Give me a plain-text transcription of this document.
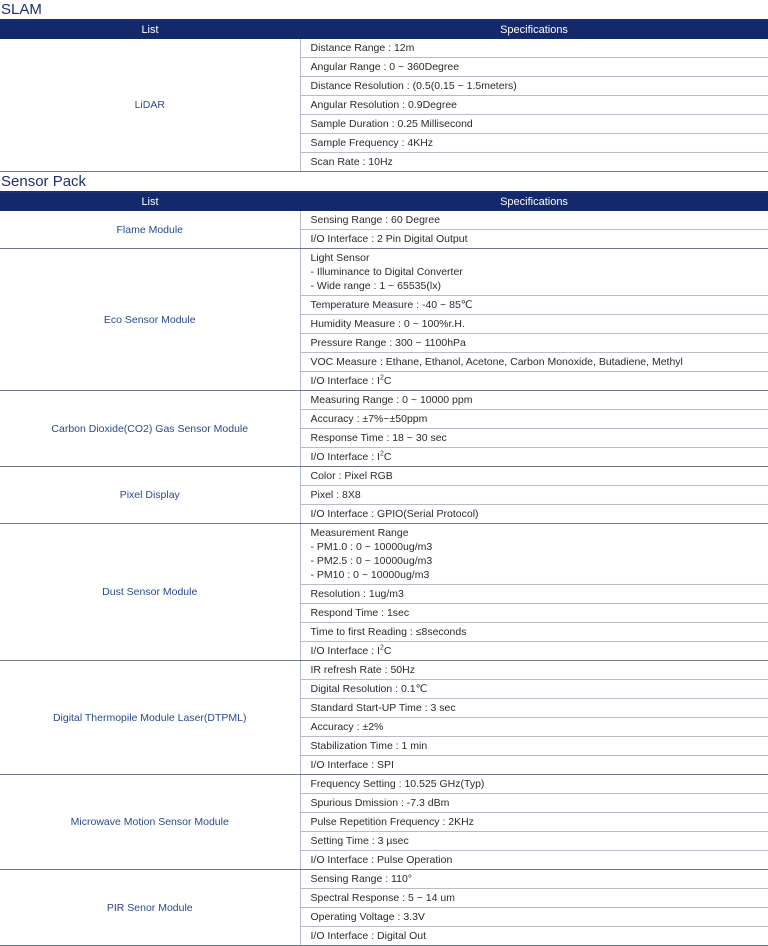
SLAM
List	Specifications
LiDAR	Distance Range : 12m
	Angular Range : 0 ~ 360Degree
	Distance Resolution : (0.5(0.15 ~ 1.5meters)
	Angular Resolution : 0.9Degree
	Sample Duration : 0.25 Millisecond
	Sample Frequency : 4KHz
	Scan Rate : 10Hz
Sensor Pack
List	Specifications
Flame Module	Sensing Range : 60 Degree
	I/O Interface : 2 Pin Digital Output
Eco Sensor Module	Light Sensor
- Illuminance to Digital Converter
- Wide range : 1 ~ 65535(lx)

	Temperature Measure : -40 ~ 85℃
	Humidity Measure : 0 ~ 100%r.H.
	Pressure Range : 300 ~ 1100hPa
	VOC Measure : Ethane, Ethanol, Acetone, Carbon Monoxide, Butadiene, Methyl
	I/O Interface : $I^2C$
Carbon Dioxide(CO2) Gas Sensor Module	Measuring Range : 0 ~ 10000 ppm
	Accuracy : ±7%~±50ppm
	Response Time : 18 ~ 30 sec
	I/O Interface : $I^2C$
Pixel Display	Color : Pixel RGB
	Pixel : 8X8
	I/O Interface : GPIO(Serial Protocol)
Dust Sensor Module	Measurement Range
- PM1.0 : 0 ~ 10000ug/m3
- PM2.5 : 0 ~ 10000ug/m3
- PM10 : 0 ~ 10000ug/m3

	Resolution : 1ug/m3
	Respond Time : 1sec
	Time to first Reading : ≤8seconds
	I/O Interface : $I^2C$
Digital Thermopile Module Laser(DTPML)	IR refresh Rate : 50Hz
	Digital Resolution : 0.1℃
	Standard Start-UP Time : 3 sec
	Accuracy : ±2%
	Stabilization Time : 1 min
	I/O Interface : SPI
Microwave Motion Sensor Module	Frequency Setting : 10.525 GHz(Typ)
	Spurious Dmission : -7.3 dBm
	Pulse Repetition Frequency : 2KHz
	Setting Time : 3 µsec
	I/O Interface : Pulse Operation
PIR Senor Module	Sensing Range : 110°
	Spectral Response : 5 ~ 14 um
	Operating Voltage : 3.3V
	I/O Interface : Digital Out
